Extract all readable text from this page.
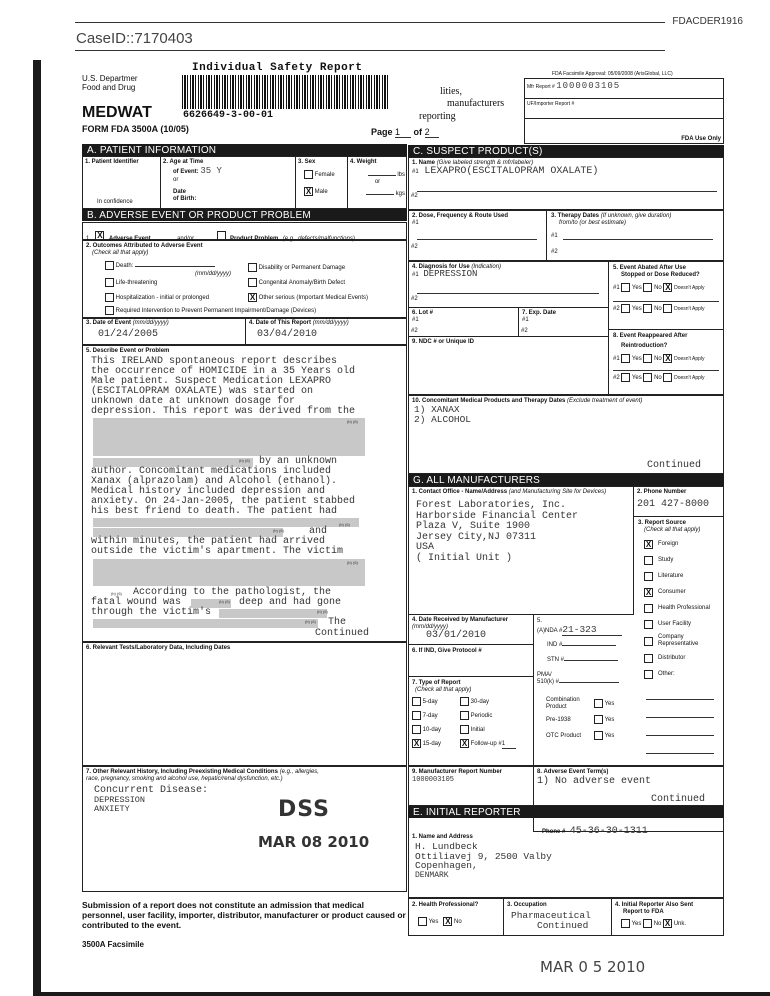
FDACDER1916
CaseID::7170403
U.S. Departmer
Food and Drug
MEDWAT
FORM FDA 3500A (10/05)
Individual Safety Report
6626649-3-00-01
lities,
manufacturers
reporting
Page 1 of 2
FDA Facsimile Approval: 05/09/2008 (ArisGlobal, LLC)
Mfr Report # 1000003105
UF/Importer Report #
FDA Use Only
A. PATIENT INFORMATION
1. Patient Identifier
In confidence
2. Age at Time
of Event: 35 Y
or
Date
of Birth:
3. Sex
Female
X Male
4. Weight
lbs
or
kgs
B. ADVERSE EVENT OR PRODUCT PROBLEM
1. X Adverse Event	and/or	Product Problem (e.g., defects/malfunctions)
2. Outcomes Attributed to Adverse Event
(Check all that apply)
Death:
(mm/dd/yyyy)
Life-threatening
Hospitalization - initial or prolonged
Disability or Permanent Damage
Congenital Anomaly/Birth Defect
X Other serious (Important Medical Events)
Required Intervention to Prevent Permanent Impairment/Damage (Devices)
3. Date of Event (mm/dd/yyyy)
01/24/2005
4. Date of This Report (mm/dd/yyyy)
03/04/2010
5. Describe Event or Problem
This IRELAND spontaneous report describes
the occurrence of HOMICIDE in a 35 Years old
Male patient. Suspect Medication LEXAPRO
(ESCITALOPRAM OXALATE) was started on
unknown date at unknown dosage for
depression. This report was derived from the
(b) (6)
(b) (6) by an unknown
author. Concomitant medications included
Xanax (alprazolam) and Alcohol (ethanol).
Medical history included depression and
anxiety. On 24-Jan-2005, the patient stabbed
his best friend to death. The patient had
(b) (6)
(b) (6)	and
within minutes, the patient had arrived
outside the victim's apartment. The victim
(b) (6)
(b) (6) According to the pathologist, the
fatal wound was	(b) (6) deep and had gone
through the victim's	(b) (6)
(b) (6) The
Continued
6. Relevant Tests/Laboratory Data, Including Dates
7. Other Relevant History, Including Preexisting Medical Conditions (e.g., allergies,
race, pregnancy, smoking and alcohol use, hepatic/renal dysfunction, etc.)
Concurrent Disease:
DEPRESSION
ANXIETY	DSS
MAR 08 2010
Submission of a report does not constitute an admission that medical personnel, user facility, importer, distributor, manufacturer or product caused or contributed to the event.
3500A Facsimile
C. SUSPECT PRODUCT(S)
1. Name (Give labeled strength & mfr/labeler)
#1 LEXAPRO(ESCITALOPRAM OXALATE)
#2
2. Dose, Frequency & Route Used
#1
#2
3. Therapy Dates (If unknown, give duration)
from/to (or best estimate)
#1
#2
4. Diagnosis for Use (Indication)
#1 DEPRESSION
#2
6. Lot #
#1
#2
7. Exp. Date
#1
#2
9. NDC # or Unique ID
5. Event Abated After Use
Stopped or Dose Reduced?
#1 Yes No X Doesn't Apply
#2 Yes No Doesn't Apply
8. Event Reappeared After
Reintroduction?
#1 Yes No X Doesn't Apply
#2 Yes No Doesn't Apply
10. Concomitant Medical Products and Therapy Dates (Exclude treatment of event)
1) XANAX
2) ALCOHOL
Continued
G. ALL MANUFACTURERS
1. Contact Office - Name/Address (and Manufacturing Site for Devices)
Forest Laboratories, Inc.
Harborside Financial Center
Plaza V, Suite 1900
Jersey City,NJ 07311
USA
( Initial Unit )
2. Phone Number
201 427-8000
3. Report Source
(Check all that apply)
X	Foreign
Study
Literature
X	Consumer
Health Professional
User Facility
Company Representative
Distributor
Other:
4. Date Received by Manufacturer
(mm/dd/yyyy)
03/01/2010
6. If IND, Give Protocol #
7. Type of Report
(Check all that apply)
5-day	30-day
7-day	Periodic
10-day	Initial
X 15-day	X Follow-up #1
5.
(A)NDA #21-323
IND #
STN #
PMA/
510(k) #
Combination Product	Yes
Pre-1938	Yes
OTC Product	Yes
9. Manufacturer Report Number
1000003105
8. Adverse Event Term(s)
1) No adverse event
Continued
E. INITIAL REPORTER
Phone # 45-36-30-1311
1. Name and Address
H. Lundbeck
Ottiliavej 9, 2500 Valby
Copenhagen,
DENMARK
2. Health Professional?
Yes X No
3. Occupation
Pharmaceutical
Continued
4. Initial Reporter Also Sent
Report to FDA
Yes No X Unk.
MAR 0 5 2010
